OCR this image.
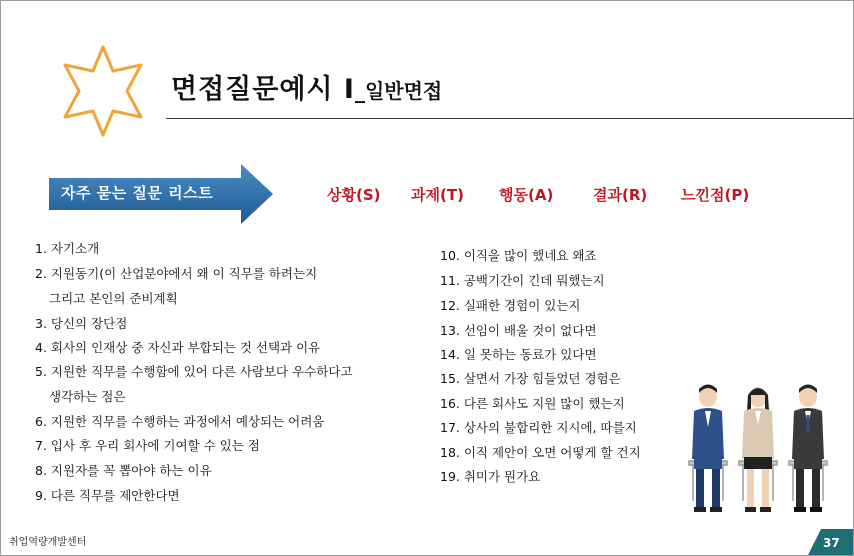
면접질문예시 I_일반면접
자주 묻는 질문 리스트	상황(S) 과제(T) 행동(A)	결과(R) 느낀점(P)
1. 자기소개
2. 지원동기(이 산업분야에서 왜 이 직무를 하려는지
그리고 본인의 준비계획
3. 당신의 장단점
4. 회사의 인재상 중 자신과 부합되는 것 선택과 이유
5. 지원한 직무를 수행함에 있어 다른 사람보다 우수하다고
생각하는 점은
6. 지원한 직무를 수행하는 과정에서 예상되는 어려움
7. 입사 후 우리 회사에 기여할 수 있는 점
8. 지원자를 꼭 뽑아야 하는 이유
9. 다른 직무를 제안한다면
10. 이직을 많이 했네요 왜죠
11. 공백기간이 긴데 뭐했는지
12. 실패한 경험이 있는지
13. 선임이 배울 것이 없다면
14. 일 못하는 동료가 있다면
15. 살면서 가장 힘들었던 경험은
16. 다른 회사도 지원 많이 했는지
17. 상사의 불합리한 지시에, 따를지
18. 이직 제안이 오면 어떻게 할 건지
19. 취미가 뭔가요
취업역량개발센터	37
